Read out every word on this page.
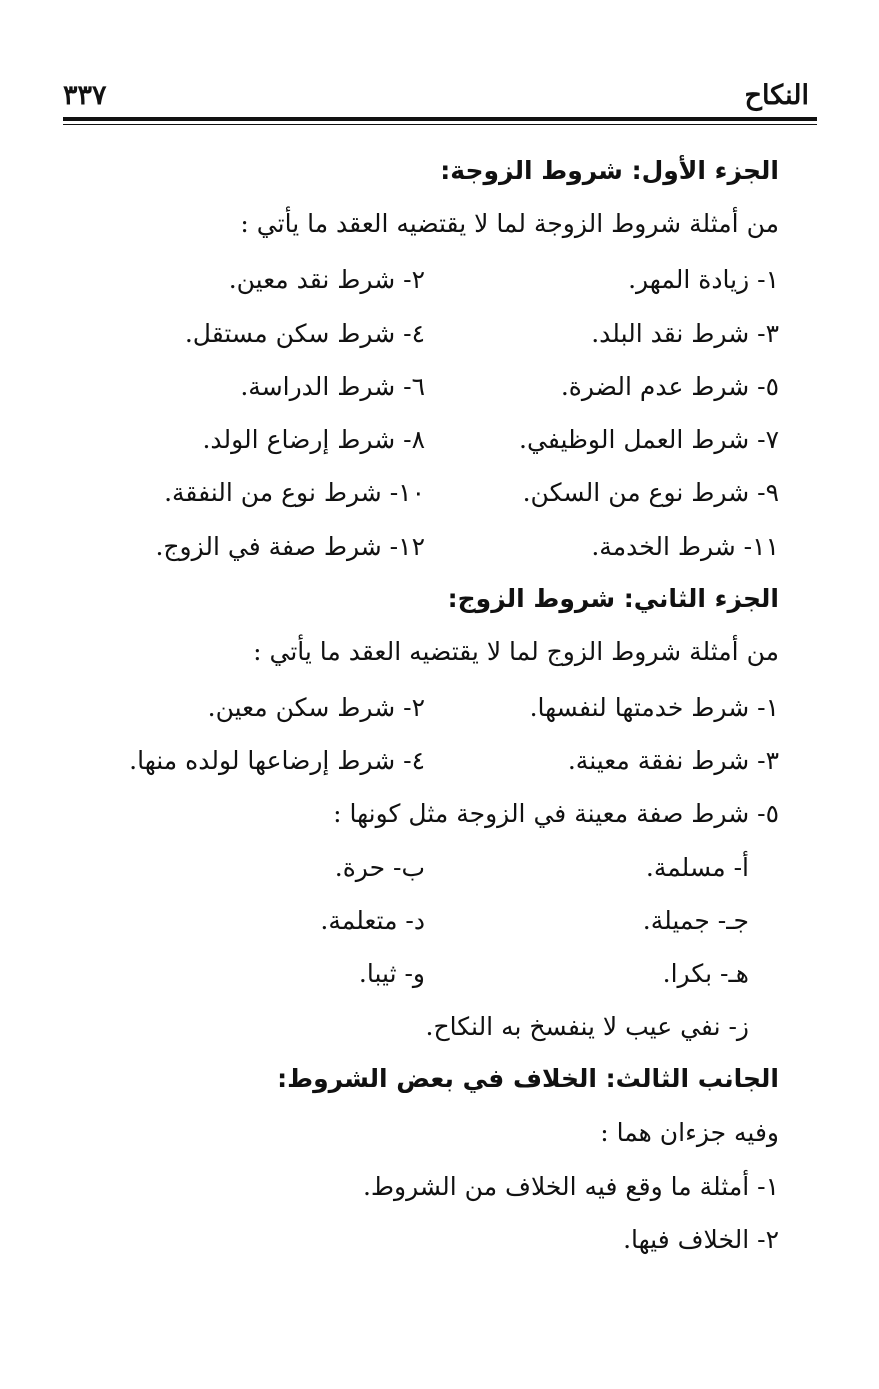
النكاح
٣٣٧
الجزء الأول: شروط الزوجة:
من أمثلة شروط الزوجة لما لا يقتضيه العقد ما يأتي :
١- زيادة المهر.
٢- شرط نقد معين.
٣- شرط نقد البلد.
٤- شرط سكن مستقل.
٥- شرط عدم الضرة.
٦- شرط الدراسة.
٧- شرط العمل الوظيفي.
٨- شرط إرضاع الولد.
٩- شرط نوع من السكن.
١٠- شرط نوع من النفقة.
١١- شرط الخدمة.
١٢- شرط صفة في الزوج.
الجزء الثاني: شروط الزوج:
من أمثلة شروط الزوج لما لا يقتضيه العقد ما يأتي :
١- شرط خدمتها لنفسها.
٢- شرط سكن معين.
٣- شرط نفقة معينة.
٤- شرط إرضاعها لولده منها.
٥- شرط صفة معينة في الزوجة مثل كونها :
أ- مسلمة.
ب- حرة.
جـ- جميلة.
د- متعلمة.
هـ- بكرا.
و- ثيبا.
ز- نفي عيب لا ينفسخ به النكاح.
الجانب الثالث: الخلاف في بعض الشروط:
وفيه جزءان هما :
١- أمثلة ما وقع فيه الخلاف من الشروط.
٢- الخلاف فيها.
